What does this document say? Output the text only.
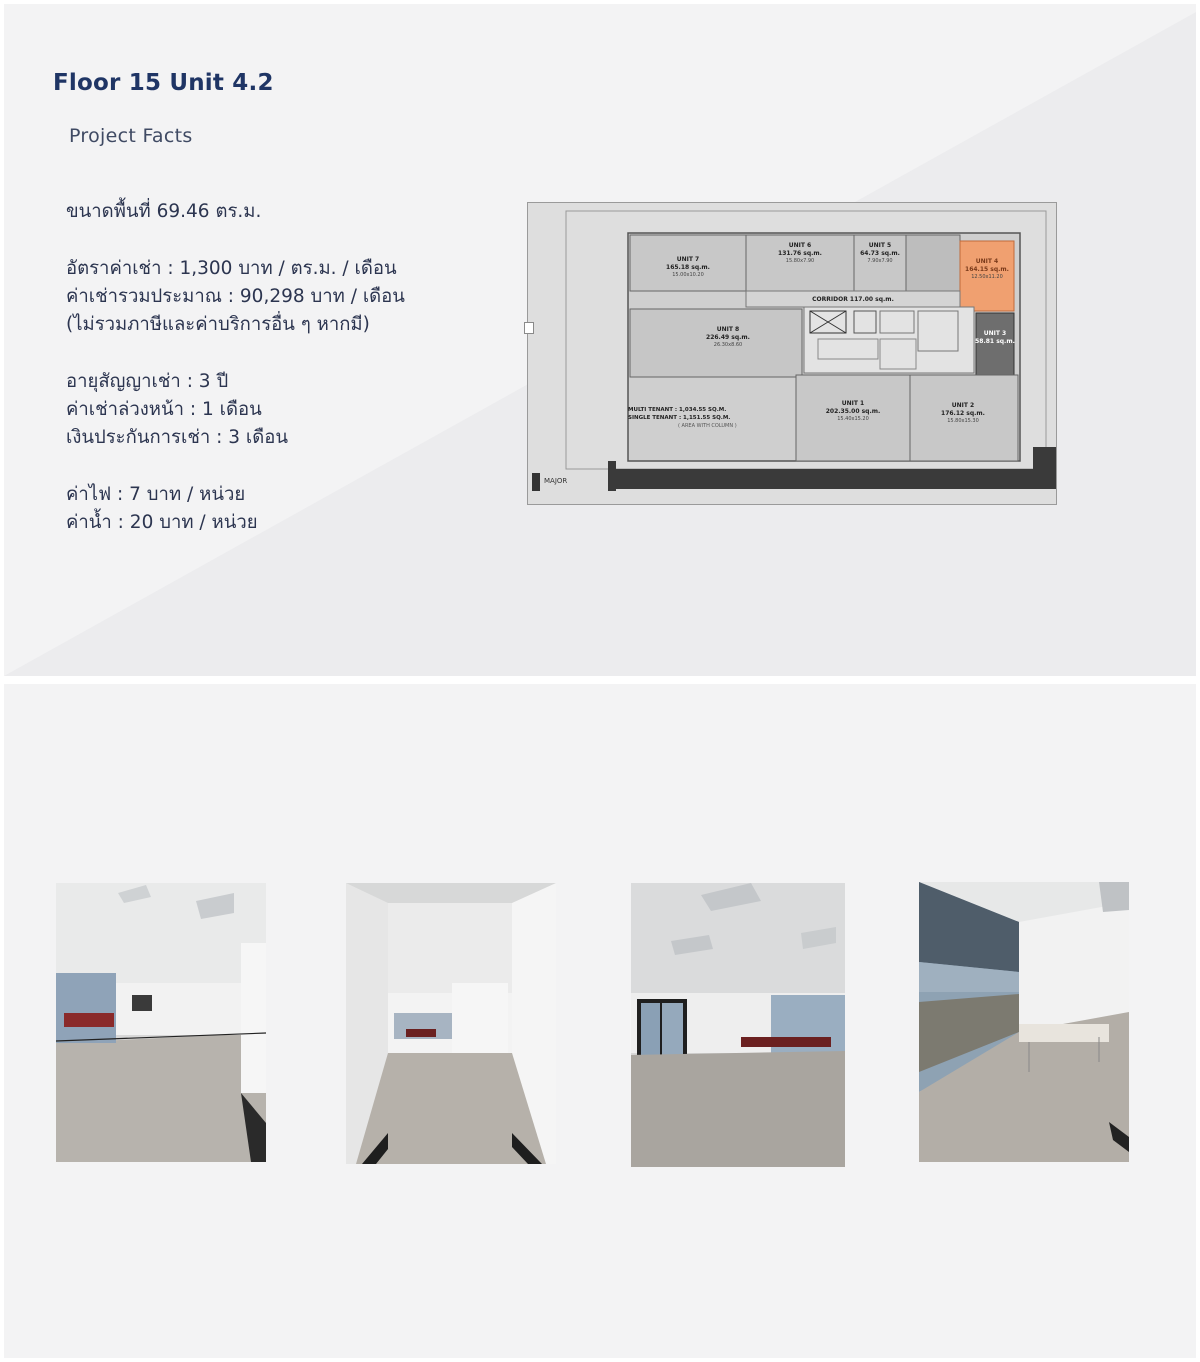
Floor 15 Unit 4.2
Project Facts
ขนาดพื้นที่ 69.46 ตร.ม.
อัตราค่าเช่า : 1,300 บาท / ตร.ม. / เดือน
ค่าเช่ารวมประมาณ : 90,298 บาท / เดือน
(ไม่รวมภาษีและค่าบริการอื่น ๆ หากมี)
อายุสัญญาเช่า : 3 ปี
ค่าเช่าล่วงหน้า : 1 เดือน
เงินประกันการเช่า : 3 เดือน
ค่าไฟ : 7 บาท / หน่วย
ค่าน้ำ : 20 บาท / หน่วย
UNIT 7
165.18 sq.m.
UNIT 6
131.76 sq.m.
UNIT 5
64.73 sq.m.
UNIT 4
164.15 sq.m.
UNIT 3
58.81 sq.m.
UNIT 8
226.49 sq.m.
UNIT 1
202.35.00 sq.m.
UNIT 2
176.12 sq.m.
CORRIDOR 117.00 sq.m.
15.00x10.20
15.80x7.90	7.90x7.90
12.50x11.20
26.30x8.60
15.40x15.20	15.80x15.30
MULTI TENANT : 1,034.55 SQ.M.
SINGLE TENANT : 1,151.55 SQ.M.
( AREA WITH COLUMN )
MAJOR
